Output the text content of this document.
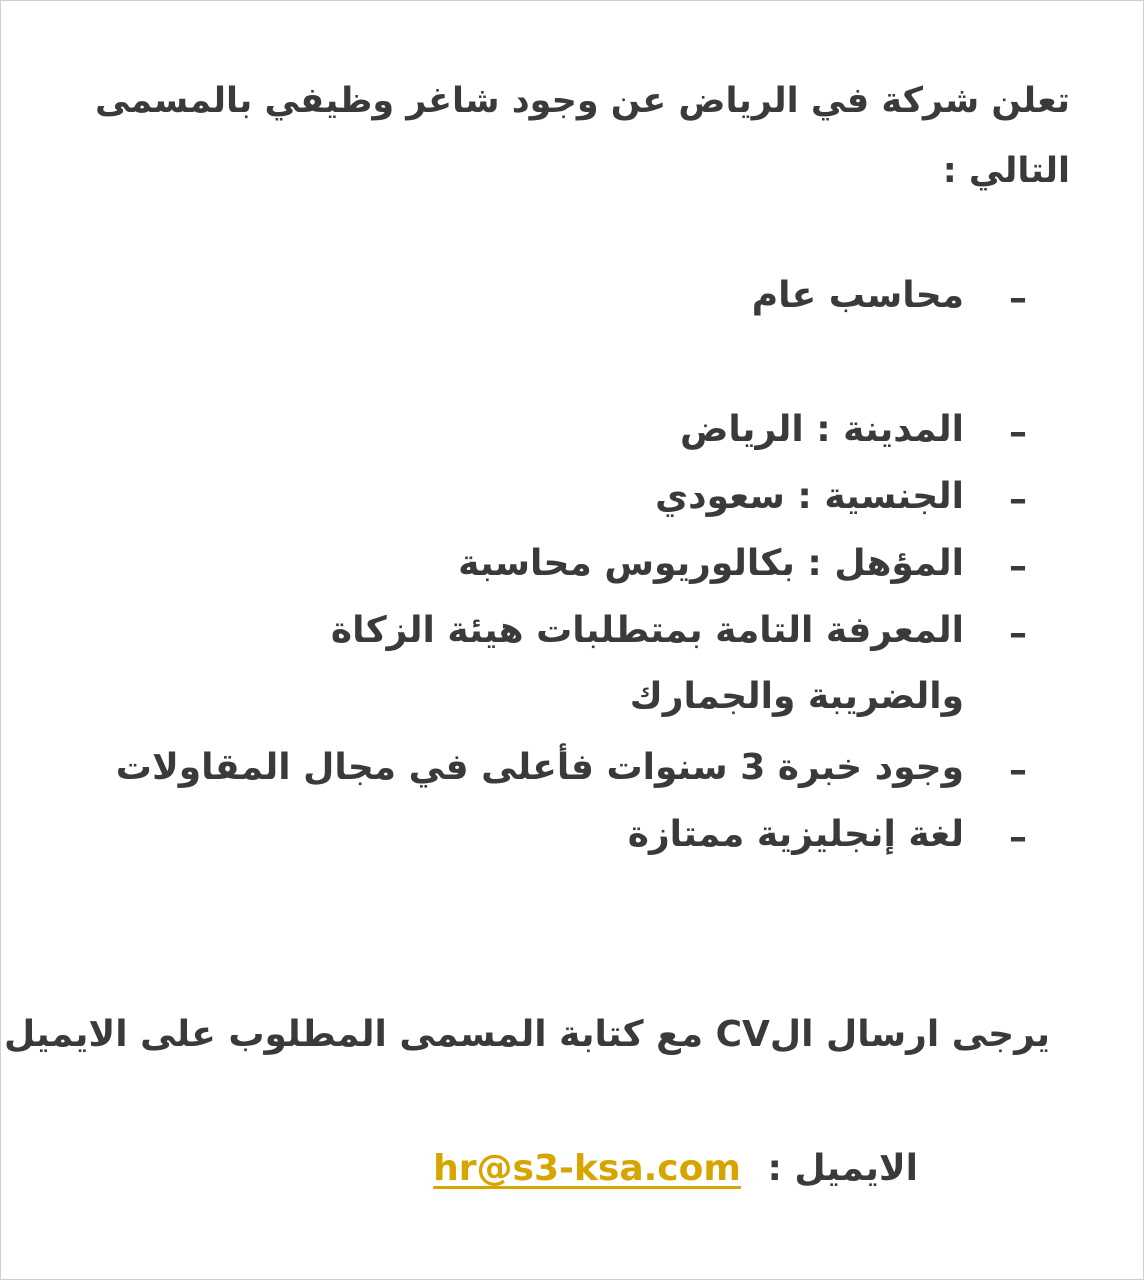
تعلن شركة في الرياض عن وجود شاغر وظيفي بالمسمى التالي :
–
محاسب عام
–
المدينة : الرياض
–
الجنسية : سعودي
–
المؤهل : بكالوريوس محاسبة
–
المعرفة التامة بمتطلبات هيئة الزكاة والضريبة والجمارك
–
وجود خبرة 3 سنوات فأعلى في مجال المقاولات
–
لغة إنجليزية ممتازة
يرجى ارسال الCV مع كتابة المسمى المطلوب على الايميل
الايميل : hr@s3-ksa.com
